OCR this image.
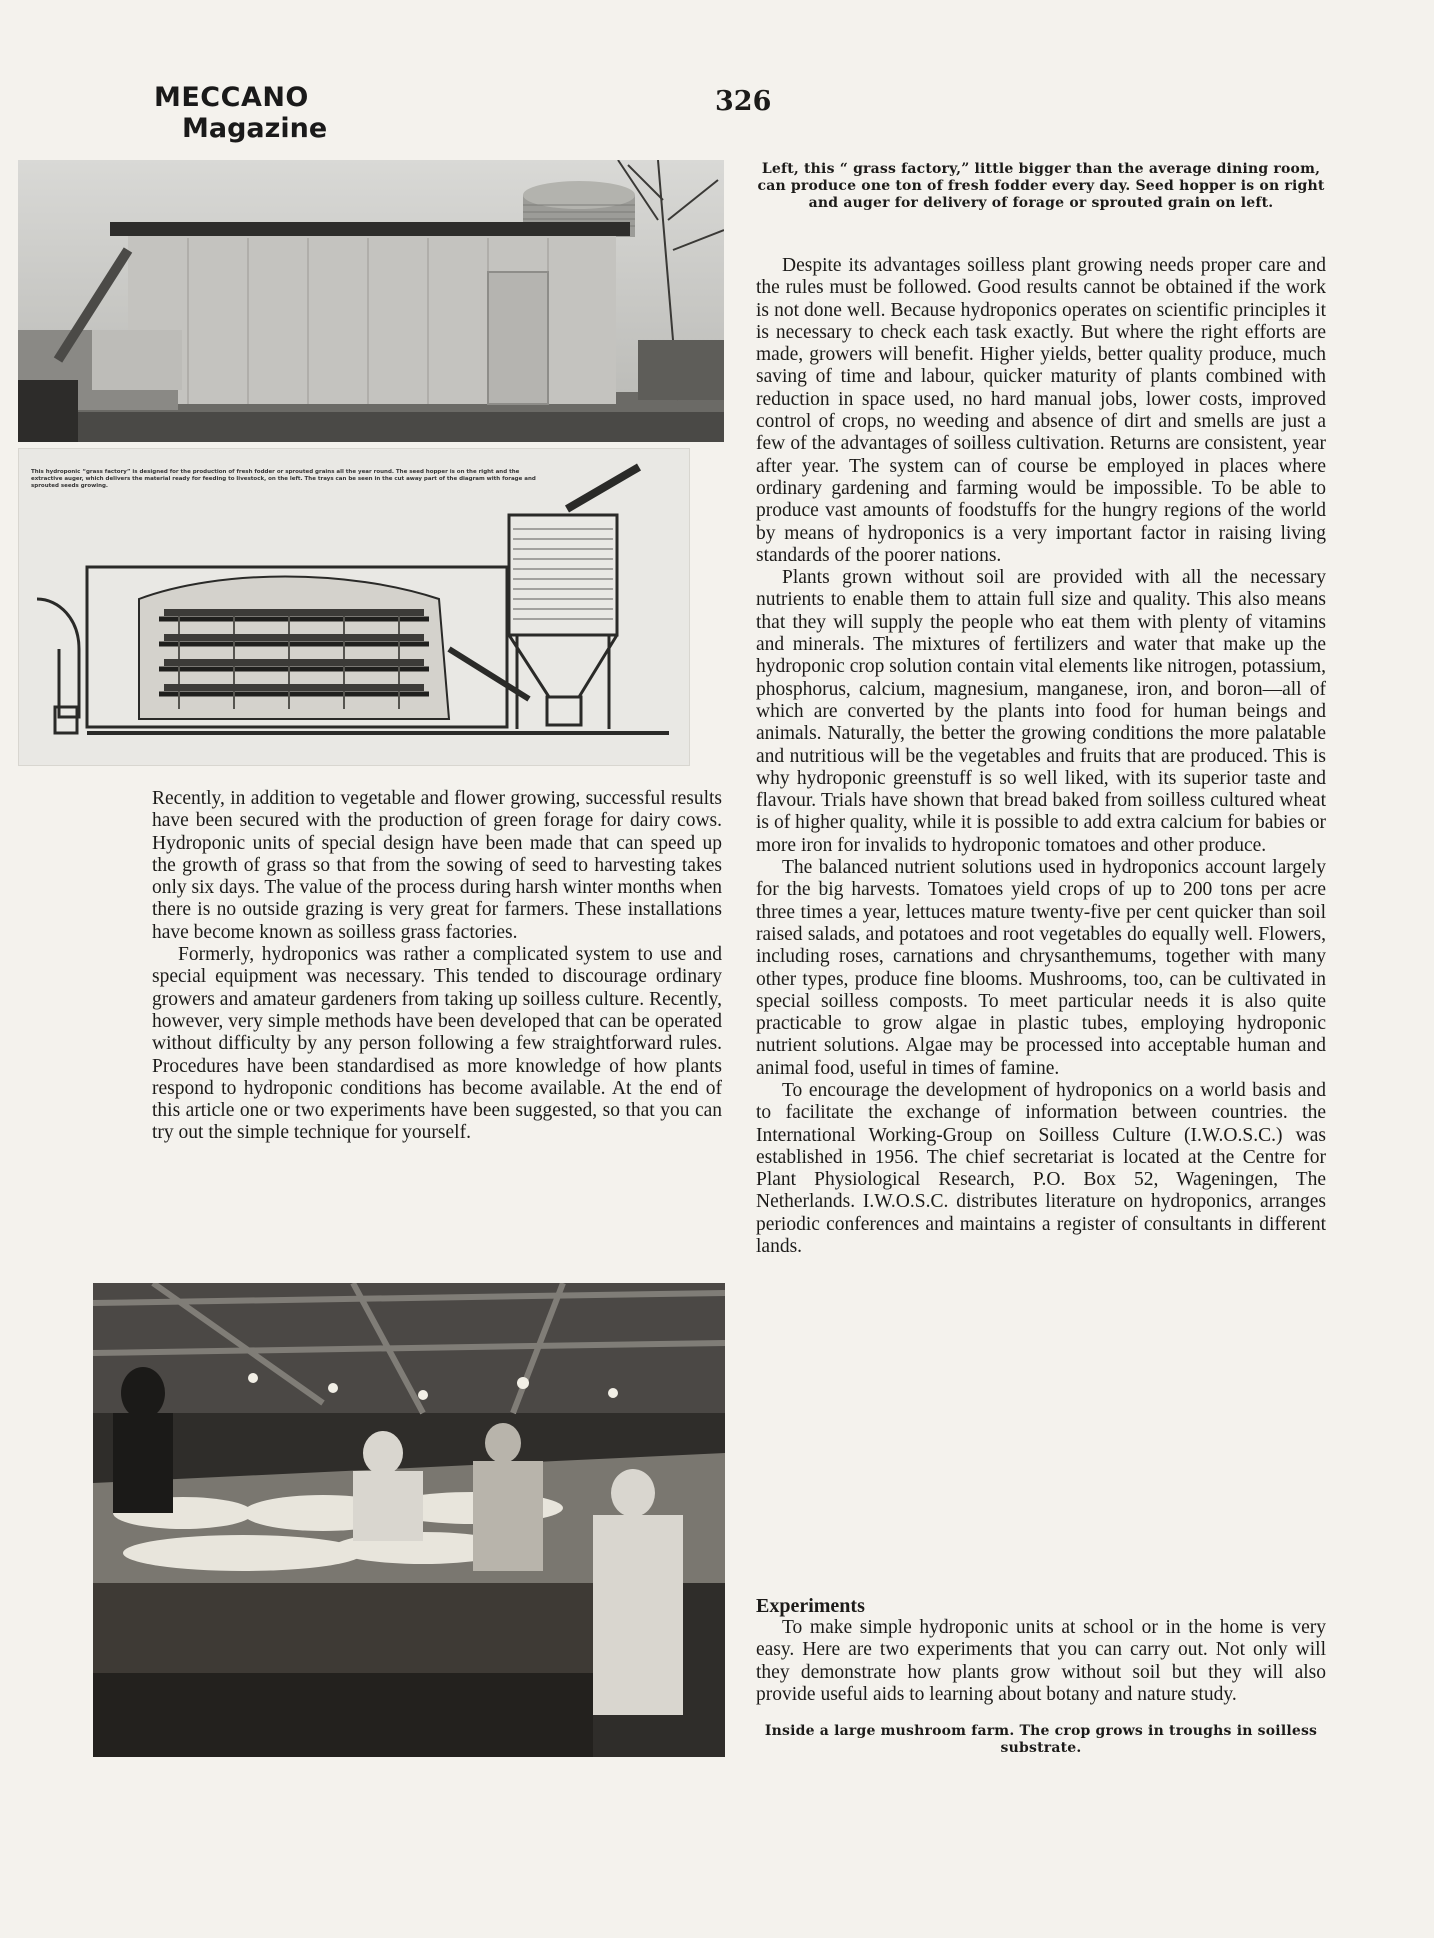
MECCANO
Magazine
326
This hydroponic “grass factory” is designed for the production of fresh fodder or sprouted grains all the year round. The seed hopper is on the right and the extractive auger, which delivers the material ready for feeding to livestock, on the left. The trays can be seen in the cut away part of the diagram with forage and sprouted seeds growing.
Left, this “ grass factory,” little bigger than the average dining room, can produce one ton of fresh fodder every day. Seed hopper is on right and auger for delivery of forage or sprouted grain on left.

Recently, in addition to vegetable and flower growing, successful results have been secured with the production of green forage for dairy cows. Hydroponic units of special design have been made that can speed up the growth of grass so that from the sowing of seed to harvesting takes only six days. The value of the process during harsh winter months when there is no outside grazing is very great for farmers. These installations have become known as soilless grass factories.

Formerly, hydroponics was rather a complicated system to use and special equipment was necessary. This tended to discourage ordinary growers and amateur gardeners from taking up soilless culture. Recently, however, very simple methods have been developed that can be operated without difficulty by any person following a few straightforward rules. Procedures have been standardised as more knowledge of how plants respond to hydroponic conditions has become available. At the end of this article one or two experiments have been suggested, so that you can try out the simple technique for yourself.

Despite its advantages soilless plant growing needs proper care and the rules must be followed. Good results cannot be obtained if the work is not done well. Because hydroponics operates on scientific principles it is necessary to check each task exactly. But where the right efforts are made, growers will benefit. Higher yields, better quality produce, much saving of time and labour, quicker maturity of plants combined with reduction in space used, no hard manual jobs, lower costs, improved control of crops, no weeding and absence of dirt and smells are just a few of the advantages of soilless cultivation. Returns are consistent, year after year. The system can of course be employed in places where ordinary gardening and farming would be impossible. To be able to produce vast amounts of foodstuffs for the hungry regions of the world by means of hydroponics is a very important factor in raising living standards of the poorer nations.

Plants grown without soil are provided with all the necessary nutrients to enable them to attain full size and quality. This also means that they will supply the people who eat them with plenty of vitamins and minerals. The mixtures of fertilizers and water that make up the hydroponic crop solution contain vital elements like nitrogen, potassium, phosphorus, calcium, magnesium, manganese, iron, and boron—all of which are converted by the plants into food for human beings and animals. Naturally, the better the growing conditions the more palatable and nutritious will be the vegetables and fruits that are produced. This is why hydroponic greenstuff is so well liked, with its superior taste and flavour. Trials have shown that bread baked from soilless cultured wheat is of higher quality, while it is possible to add extra calcium for babies or more iron for invalids to hydroponic tomatoes and other produce.

The balanced nutrient solutions used in hydroponics account largely for the big harvests. Tomatoes yield crops of up to 200 tons per acre three times a year, lettuces mature twenty-five per cent quicker than soil raised salads, and potatoes and root vegetables do equally well. Flowers, including roses, carnations and chrysanthemums, together with many other types, produce fine blooms. Mushrooms, too, can be cultivated in special soilless composts. To meet particular needs it is also quite practicable to grow algae in plastic tubes, employing hydroponic nutrient solutions. Algae may be processed into acceptable human and animal food, useful in times of famine.

To encourage the development of hydroponics on a world basis and to facilitate the exchange of information between countries. the International Working-Group on Soilless Culture (I.W.O.S.C.) was established in 1956. The chief secretariat is located at the Centre for Plant Physiological Research, P.O. Box 52, Wageningen, The Netherlands. I.W.O.S.C. distributes literature on hydroponics, arranges periodic conferences and maintains a register of consultants in different lands.

Experiments

To make simple hydroponic units at school or in the home is very easy. Here are two experiments that you can carry out. Not only will they demonstrate how plants grow without soil but they will also provide useful aids to learning about botany and nature study.

Inside a large mushroom farm. The crop grows in troughs in soilless substrate.
